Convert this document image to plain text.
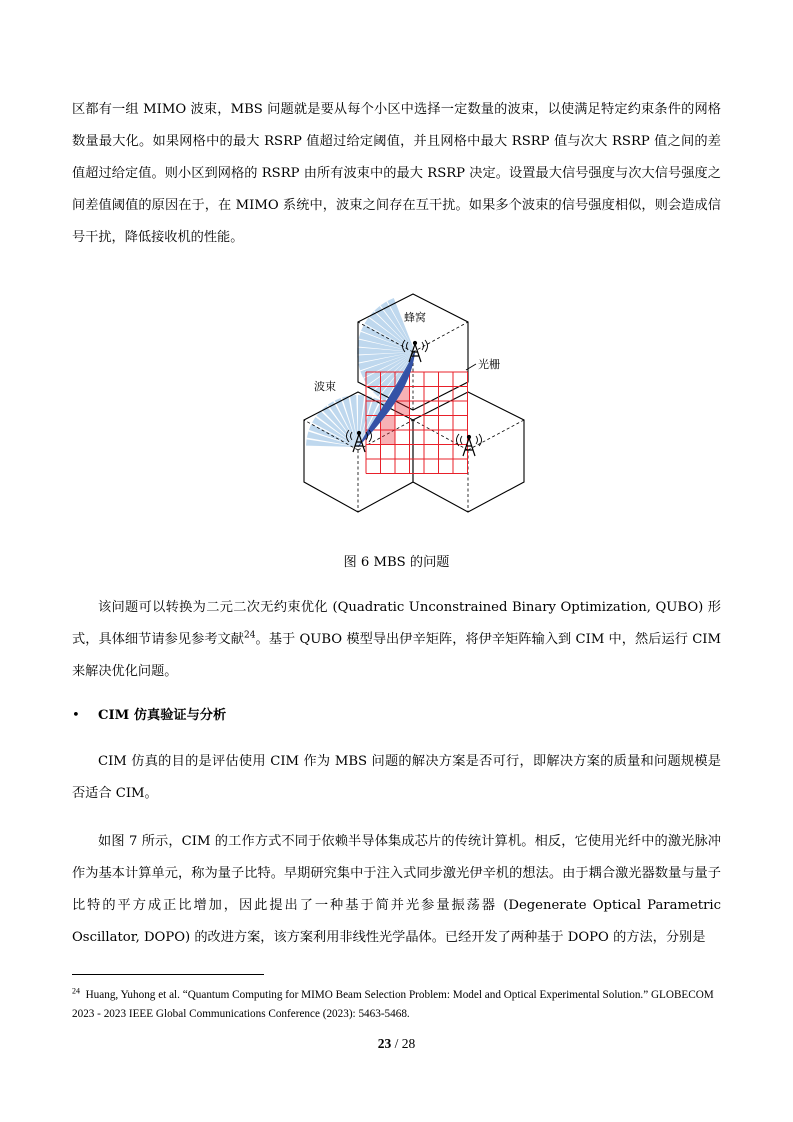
区都有一组 MIMO 波束，MBS 问题就是要从每个小区中选择一定数量的波束，以使满足特定约束条件的网格数量最大化。如果网格中的最大 RSRP 值超过给定阈值，并且网格中最大 RSRP 值与次大 RSRP 值之间的差值超过给定值。则小区到网格的 RSRP 由所有波束中的最大 RSRP 决定。设置最大信号强度与次大信号强度之间差值阈值的原因在于，在 MIMO 系统中，波束之间存在互干扰。如果多个波束的信号强度相似，则会造成信号干扰，降低接收机的性能。

蜂窝
光栅
波束
图 6 MBS 的问题

该问题可以转换为二元二次无约束优化 (Quadratic Unconstrained Binary Optimization, QUBO) 形式，具体细节请参见参考文献$^{24}$。基于 QUBO 模型导出伊辛矩阵，将伊辛矩阵输入到 CIM 中，然后运行 CIM 来解决优化问题。

• CIM 仿真验证与分析

CIM 仿真的目的是评估使用 CIM 作为 MBS 问题的解决方案是否可行，即解决方案的质量和问题规模是否适合 CIM。

如图 7 所示，CIM 的工作方式不同于依赖半导体集成芯片的传统计算机。相反，它使用光纤中的激光脉冲作为基本计算单元，称为量子比特。早期研究集中于注入式同步激光伊辛机的想法。由于耦合激光器数量与量子比特的平方成正比增加，因此提出了一种基于简并光参量振荡器 (Degenerate Optical Parametric Oscillator, DOPO) 的改进方案，该方案利用非线性光学晶体。已经开发了两种基于 DOPO 的方法，分别是

$^{24}$ Huang, Yuhong et al. “Quantum Computing for MIMO Beam Selection Problem: Model and Optical Experimental Solution.” GLOBECOM 2023 - 2023 IEEE Global Communications Conference (2023): 5463-5468.
23 / 28
